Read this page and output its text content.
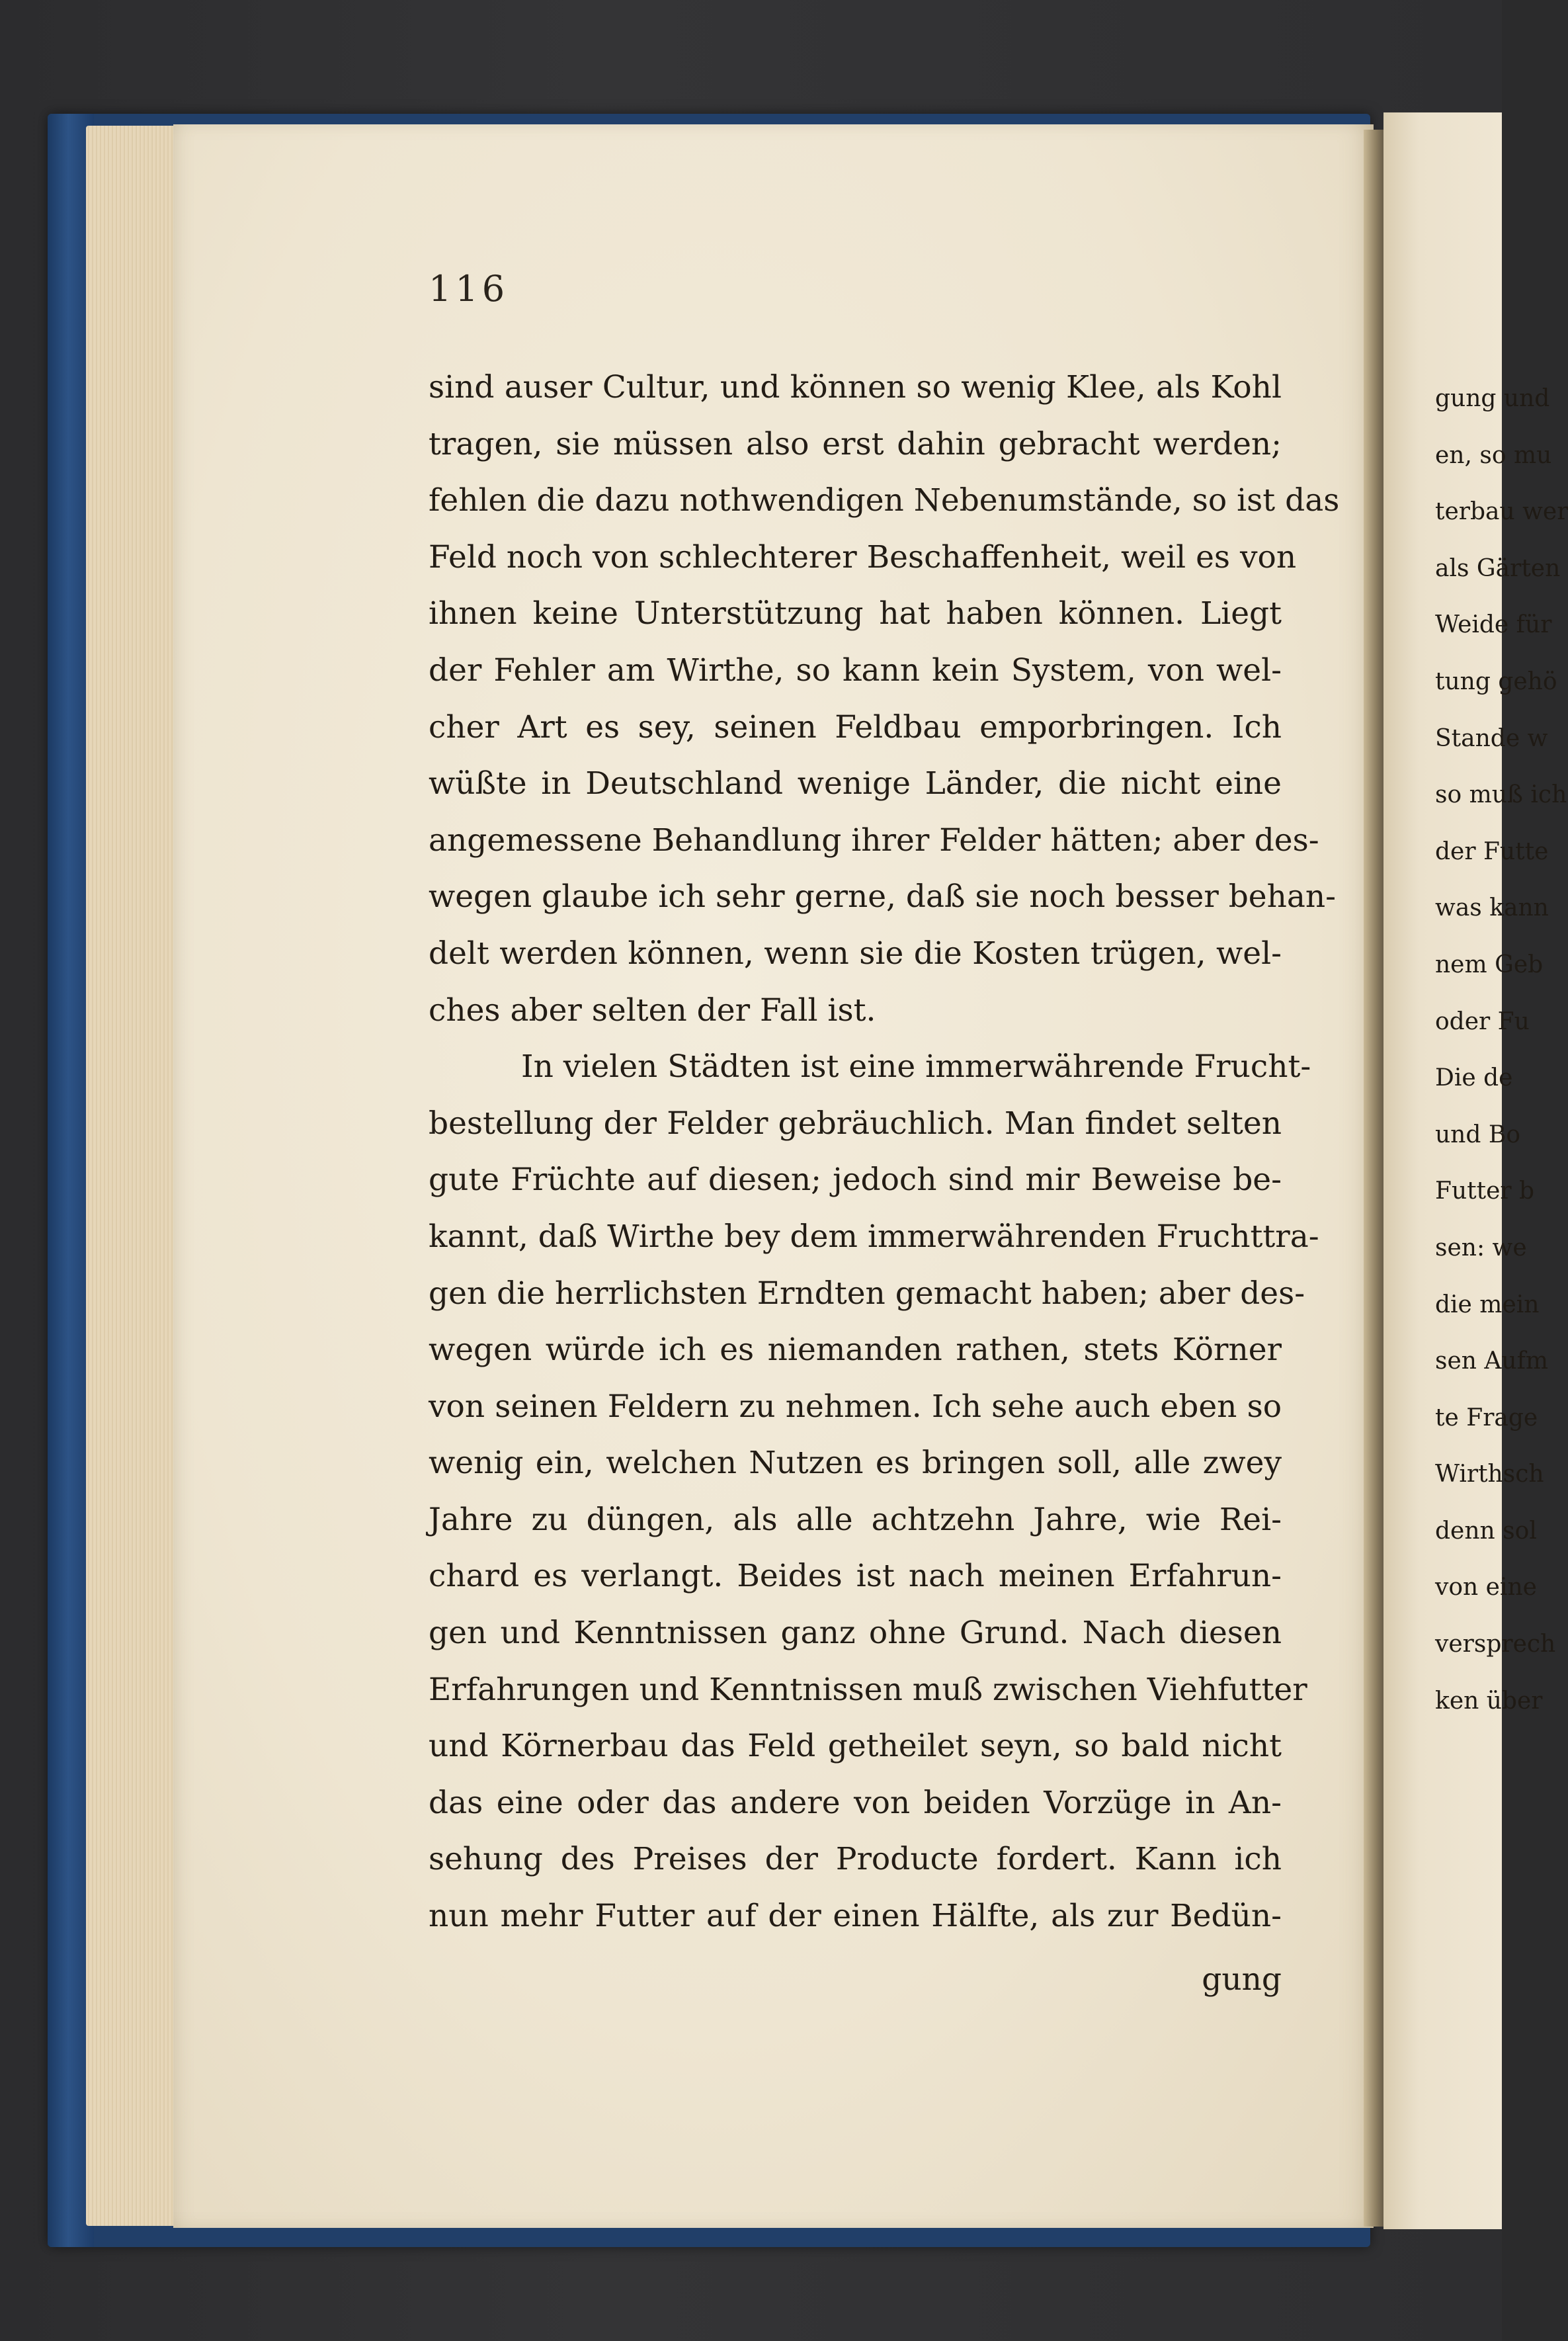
gung und
en, so mu
terbau wer
als Gärten
Weide für
tung gehö
Stande w
so muß ich
der Futte
was kann
nem Geb
oder Fu
Die de
und Bo
Futter b
sen: we
die mein
sen Aufm
te Frage
Wirthsch
denn sol
von eine
versprech
ken über
116
sind auser Cultur, und können so wenig Klee, als Kohl
tragen, sie müssen also erst dahin gebracht werden;
fehlen die dazu nothwendigen Nebenumstände, so ist das
Feld noch von schlechterer Beschaffenheit, weil es von
ihnen keine Unterstützung hat haben können. Liegt
der Fehler am Wirthe, so kann kein System, von wel-
cher Art es sey, seinen Feldbau emporbringen. Ich
wüßte in Deutschland wenige Länder, die nicht eine
angemessene Behandlung ihrer Felder hätten; aber des-
wegen glaube ich sehr gerne, daß sie noch besser behan-
delt werden können, wenn sie die Kosten trügen, wel-
ches aber selten der Fall ist.
In vielen Städten ist eine immerwährende Frucht-
bestellung der Felder gebräuchlich. Man findet selten
gute Früchte auf diesen; jedoch sind mir Beweise be-
kannt, daß Wirthe bey dem immerwährenden Fruchttra-
gen die herrlichsten Erndten gemacht haben; aber des-
wegen würde ich es niemanden rathen, stets Körner
von seinen Feldern zu nehmen. Ich sehe auch eben so
wenig ein, welchen Nutzen es bringen soll, alle zwey
Jahre zu düngen, als alle achtzehn Jahre, wie Rei-
chard es verlangt. Beides ist nach meinen Erfahrun-
gen und Kenntnissen ganz ohne Grund. Nach diesen
Erfahrungen und Kenntnissen muß zwischen Viehfutter
und Körnerbau das Feld getheilet seyn, so bald nicht
das eine oder das andere von beiden Vorzüge in An-
sehung des Preises der Producte fordert. Kann ich
nun mehr Futter auf der einen Hälfte, als zur Bedün-
gung
